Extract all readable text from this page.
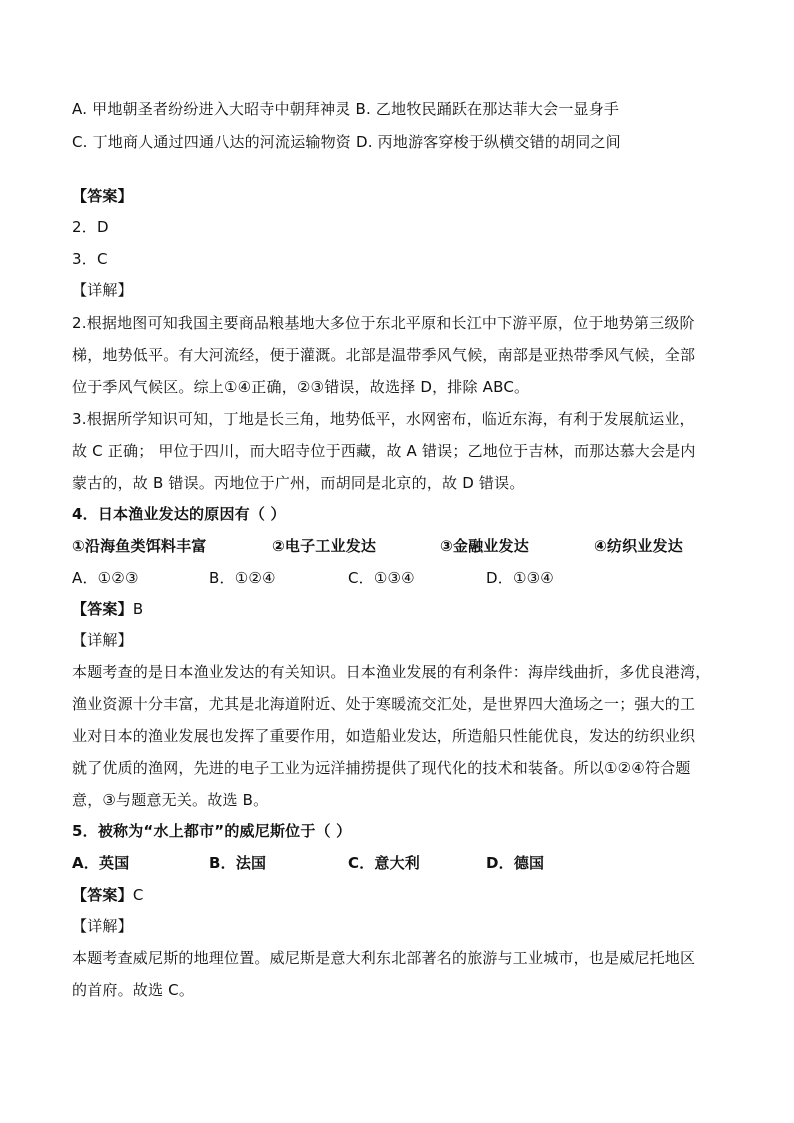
A. 甲地朝圣者纷纷进入大昭寺中朝拜神灵 B. 乙地牧民踊跃在那达菲大会一显身手
C. 丁地商人通过四通八达的河流运输物资 D. 丙地游客穿梭于纵横交错的胡同之间
【答案】
2．D
3．C
【详解】
2.根据地图可知我国主要商品粮基地大多位于东北平原和长江中下游平原，位于地势第三级阶
梯，地势低平。有大河流经，便于灌溉。北部是温带季风气候，南部是亚热带季风气候，全部
位于季风气候区。综上①④正确，②③错误，故选择 D，排除 ABC。
3.根据所学知识可知，丁地是长三角，地势低平，水网密布，临近东海，有利于发展航运业，
故 C 正确； 甲位于四川，而大昭寺位于西藏，故 A 错误；乙地位于吉林，而那达慕大会是内
蒙古的，故 B 错误。丙地位于广州，而胡同是北京的，故 D 错误。
4．日本渔业发达的原因有（ ）
①沿海鱼类饵料丰富	②电子工业发达	③金融业发达	④纺织业发达
A．①②③	B．①②④	C．①③④	D．①③④
【答案】B
【详解】
本题考查的是日本渔业发达的有关知识。日本渔业发展的有利条件：海岸线曲折，多优良港湾，
渔业资源十分丰富，尤其是北海道附近、处于寒暖流交汇处，是世界四大渔场之一；强大的工
业对日本的渔业发展也发挥了重要作用，如造船业发达，所造船只性能优良，发达的纺织业织
就了优质的渔网，先进的电子工业为远洋捕捞提供了现代化的技术和装备。所以①②④符合题
意，③与题意无关。故选 B。
5．被称为“水上都市”的威尼斯位于（ ）
A．英国	B．法国	C．意大利	D．德国
【答案】C
【详解】
本题考查威尼斯的地理位置。威尼斯是意大利东北部著名的旅游与工业城市，也是威尼托地区
的首府。故选 C。
